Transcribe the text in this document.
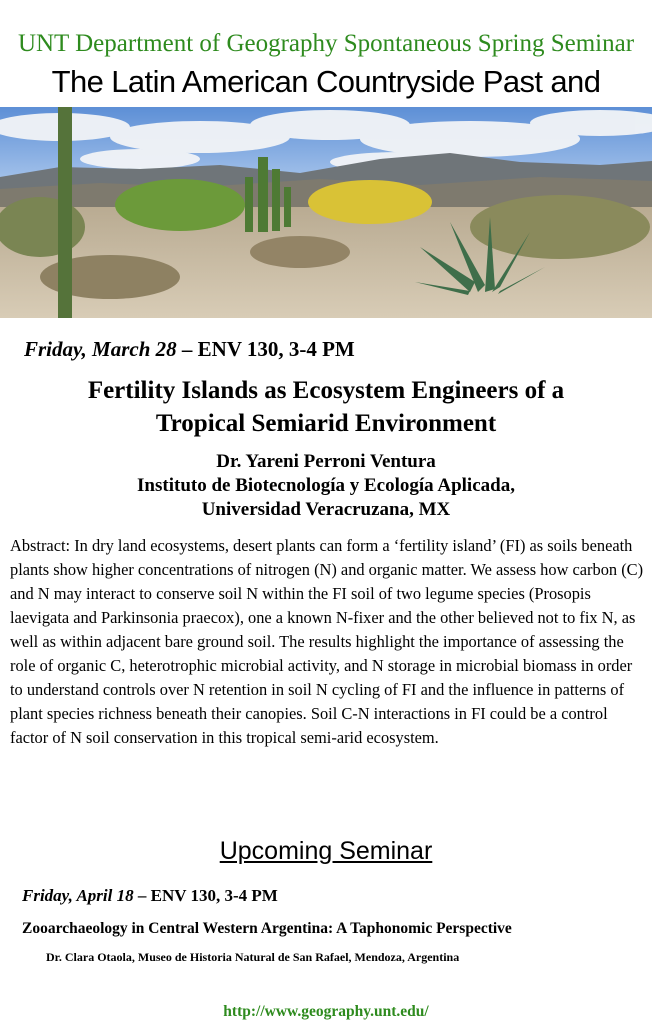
UNT Department of Geography Spontaneous Spring Seminar
The Latin American Countryside Past and
Friday, March 28 – ENV 130, 3-4 PM
Fertility Islands as Ecosystem Engineers of a
Tropical Semiarid Environment
Dr. Yareni Perroni Ventura
Instituto de Biotecnología y Ecología Aplicada,
Universidad Veracruzana, MX

Abstract: In dry land ecosystems, desert plants can form a ‘fertility island’ (FI) as soils beneath plants show higher concentrations of nitrogen (N) and organic matter. We assess how carbon (C) and N may interact to conserve soil N within the FI soil of two legume species (Prosopis laevigata and Parkinsonia praecox), one a known N-fixer and the other believed not to fix N, as well as within adjacent bare ground soil. The results highlight the importance of assessing the role of organic C, heterotrophic microbial activity, and N storage in microbial biomass in order to understand controls over N retention in soil N cycling of FI and the influence in patterns of plant species richness beneath their canopies. Soil C-N interactions in FI could be a control factor of N soil conservation in this tropical semi-arid ecosystem.

Upcoming Seminar
Friday, April 18 – ENV 130, 3-4 PM
Zooarchaeology in Central Western Argentina: A Taphonomic Perspective
Dr. Clara Otaola, Museo de Historia Natural de San Rafael, Mendoza, Argentina
http://www.geography.unt.edu/
